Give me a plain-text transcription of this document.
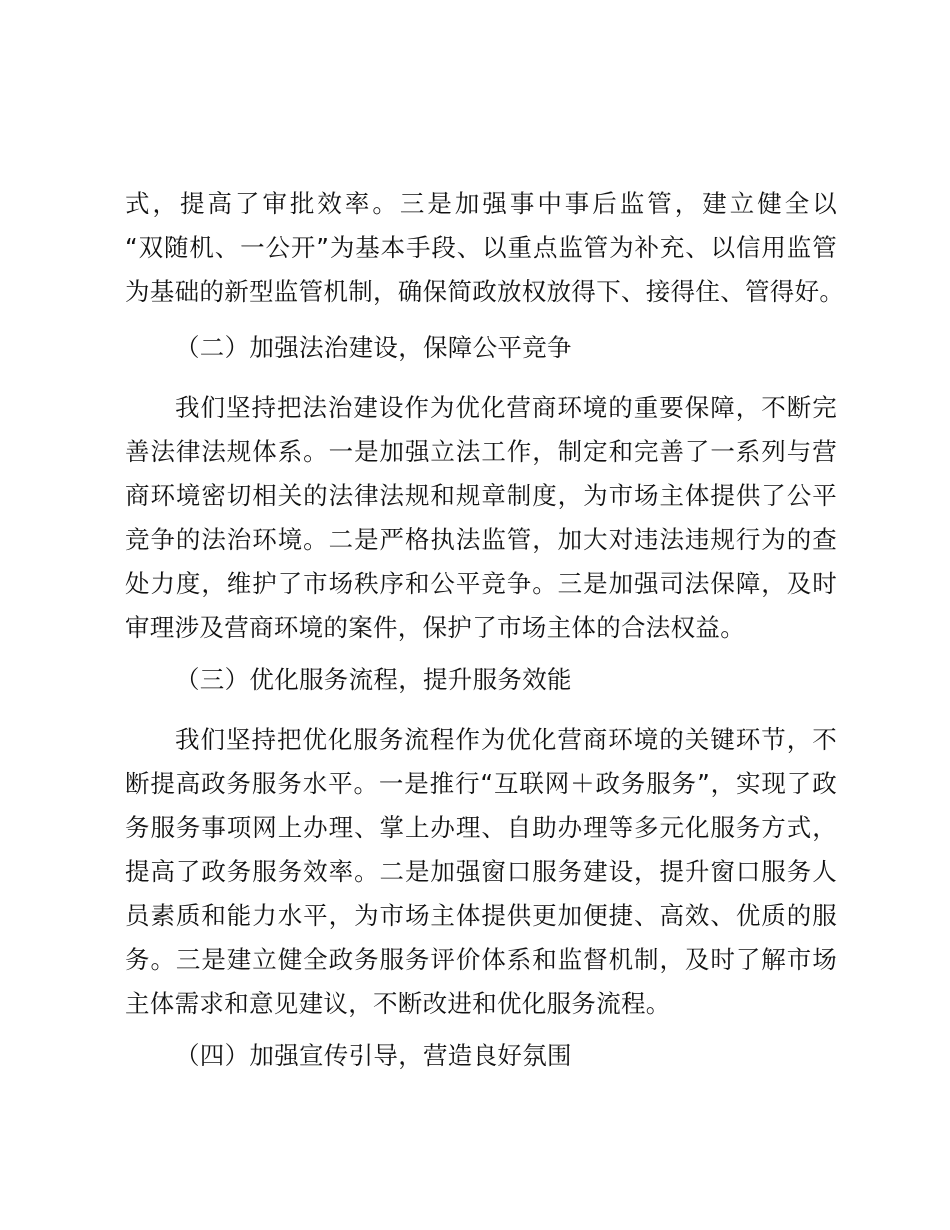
式，提高了审批效率。三是加强事中事后监管，建立健全以
“双随机、一公开”为基本手段、以重点监管为补充、以信用监管
为基础的新型监管机制，确保简政放权放得下、接得住、管得好。
（二）加强法治建设，保障公平竞争
我们坚持把法治建设作为优化营商环境的重要保障，不断完
善法律法规体系。一是加强立法工作，制定和完善了一系列与营
商环境密切相关的法律法规和规章制度，为市场主体提供了公平
竞争的法治环境。二是严格执法监管，加大对违法违规行为的查
处力度，维护了市场秩序和公平竞争。三是加强司法保障，及时
审理涉及营商环境的案件，保护了市场主体的合法权益。
（三）优化服务流程，提升服务效能
我们坚持把优化服务流程作为优化营商环境的关键环节，不
断提高政务服务水平。一是推行“互联网＋政务服务”，实现了政
务服务事项网上办理、掌上办理、自助办理等多元化服务方式，
提高了政务服务效率。二是加强窗口服务建设，提升窗口服务人
员素质和能力水平，为市场主体提供更加便捷、高效、优质的服
务。三是建立健全政务服务评价体系和监督机制，及时了解市场
主体需求和意见建议，不断改进和优化服务流程。
（四）加强宣传引导，营造良好氛围
